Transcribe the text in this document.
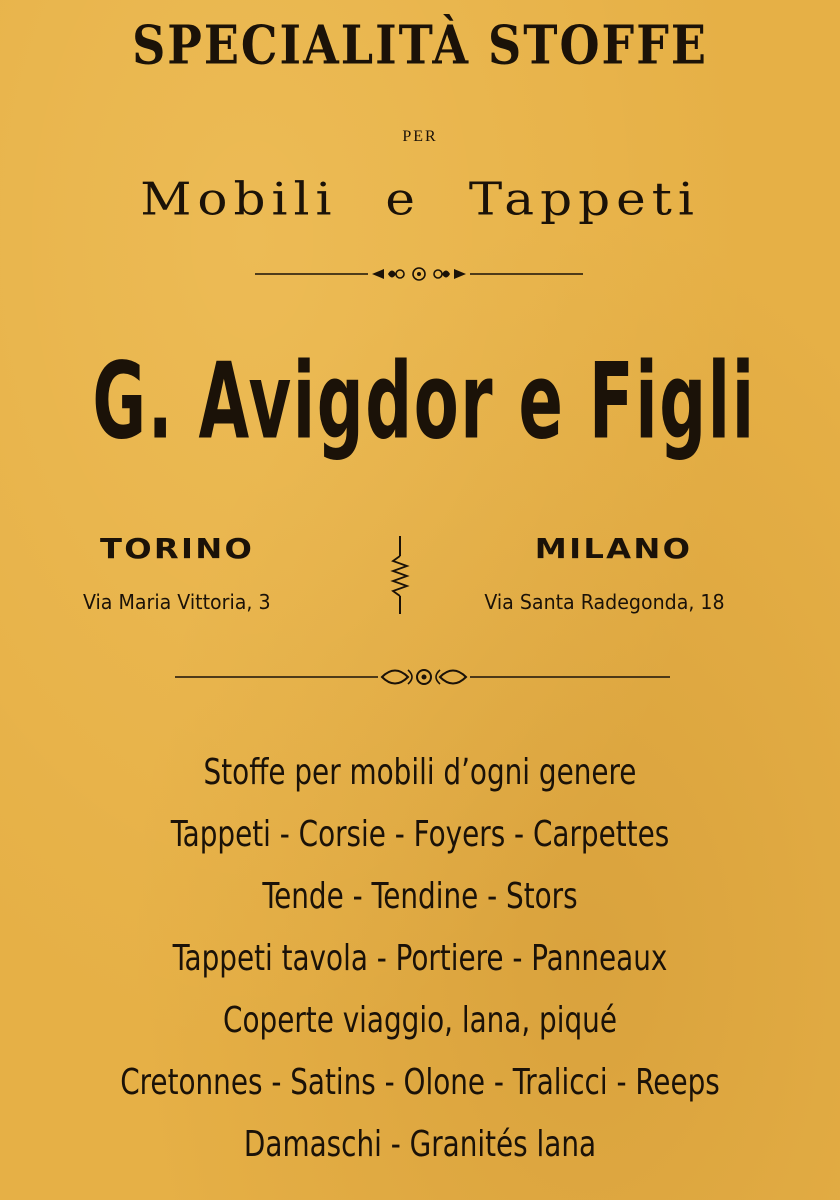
SPECIALITÀ STOFFE
PER
Mobili e Tappeti
G. Avigdor e Figli
TORINO
Via Maria Vittoria, 3
MILANO
Via Santa Radegonda, 18
Stoffe per mobili d’ogni genere
Tappeti - Corsie - Foyers - Carpettes
Tende - Tendine - Stors
Tappeti tavola - Portiere - Panneaux
Coperte viaggio, lana, piqué
Cretonnes - Satins - Olone - Tralicci - Reeps
Damaschi - Granités lana
